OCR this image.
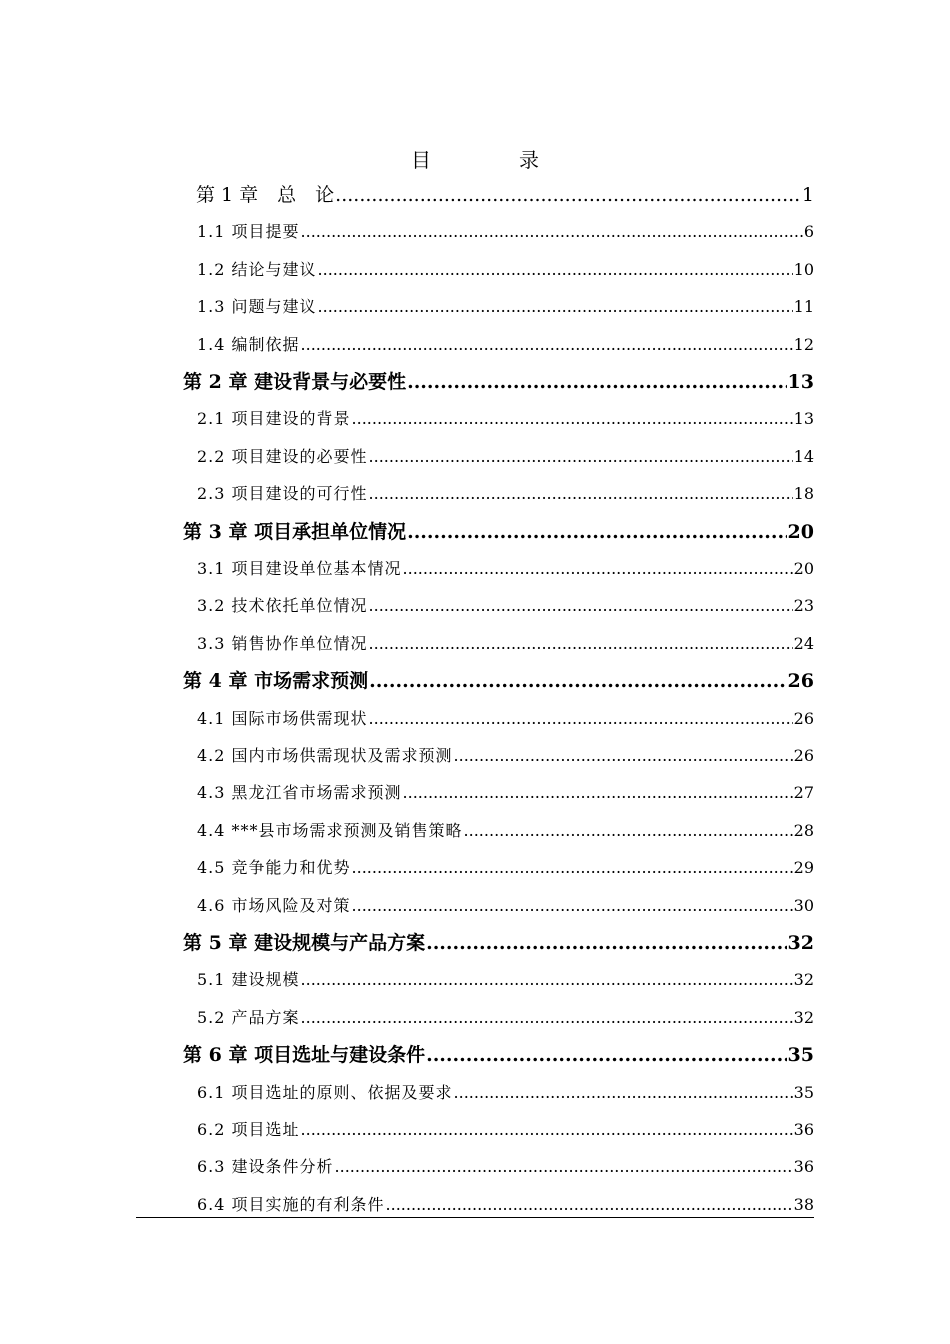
目	录
第 1 章　总　论 .....	1
1.1 项目提要 .....	6
1.2 结论与建议 .....	10
1.3 问题与建议 .....	11
1.4 编制依据 .....	12
第 2 章 建设背景与必要性 .....	13
2.1 项目建设的背景 .....	13
2.2 项目建设的必要性 .....	14
2.3 项目建设的可行性 .....	18
第 3 章 项目承担单位情况 .....	20
3.1 项目建设单位基本情况 .....	20
3.2 技术依托单位情况 .....	23
3.3 销售协作单位情况 .....	24
第 4 章 市场需求预测 .....	26
4.1 国际市场供需现状 .....	26
4.2 国内市场供需现状及需求预测 .....	26
4.3 黑龙江省市场需求预测 .....	27
4.4 ***县市场需求预测及销售策略 .....	28
4.5 竞争能力和优势 .....	29
4.6 市场风险及对策 .....	30
第 5 章 建设规模与产品方案 .....	32
5.1 建设规模 .....	32
5.2 产品方案 .....	32
第 6 章 项目选址与建设条件 .....	35
6.1 项目选址的原则、依据及要求 .....	35
6.2 项目选址 .....	36
6.3 建设条件分析 .....	36
6.4 项目实施的有利条件 .....	38
